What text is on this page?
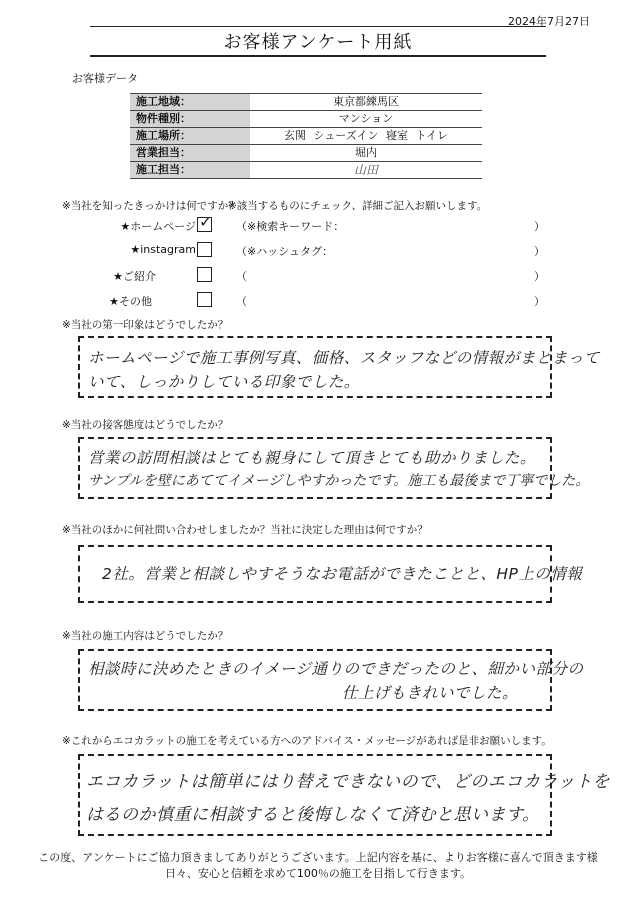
2024年7月27日
お客様アンケート用紙
お客様データ
施工地域：	東京都練馬区
物件種別：	マンション
施工場所：	玄関 シューズイン 寝室 トイレ
営業担当：	堀内
施工担当：	山田
※当社を知ったきっかけは何ですか？
※該当するものにチェック、詳細ご記入お願いします。
★ホームページ ✓ （※検索キーワード：	）
★instagram	（※ハッシュタグ：	）
★ご紹介	（	）
★その他	（	）
※当社の第一印象はどうでしたか？
ホームページで施工事例写真、価格、スタッフなどの情報がまとまって
いて、しっかりしている印象でした。
※当社の接客態度はどうでしたか？
営業の訪問相談はとても親身にして頂きとても助かりました。
サンプルを壁にあててイメージしやすかったです。施工も最後まで丁寧でした。
※当社のほかに何社問い合わせしましたか？当社に決定した理由は何ですか？
2社。営業と相談しやすそうなお電話ができたことと、HP上の情報
※当社の施工内容はどうでしたか？
相談時に決めたときのイメージ通りのできだったのと、細かい部分の
仕上げもきれいでした。
※これからエコカラットの施工を考えている方へのアドバイス・メッセージがあれば是非お願いします。
エコカラットは簡単にはり替えできないので、どのエコカラットを
はるのか慎重に相談すると後悔しなくて済むと思います。
この度、アンケートにご協力頂きましてありがとうございます。上記内容を基に、よりお客様に喜んで頂きます様
日々、安心と信頼を求めて100％の施工を目指して行きます。
